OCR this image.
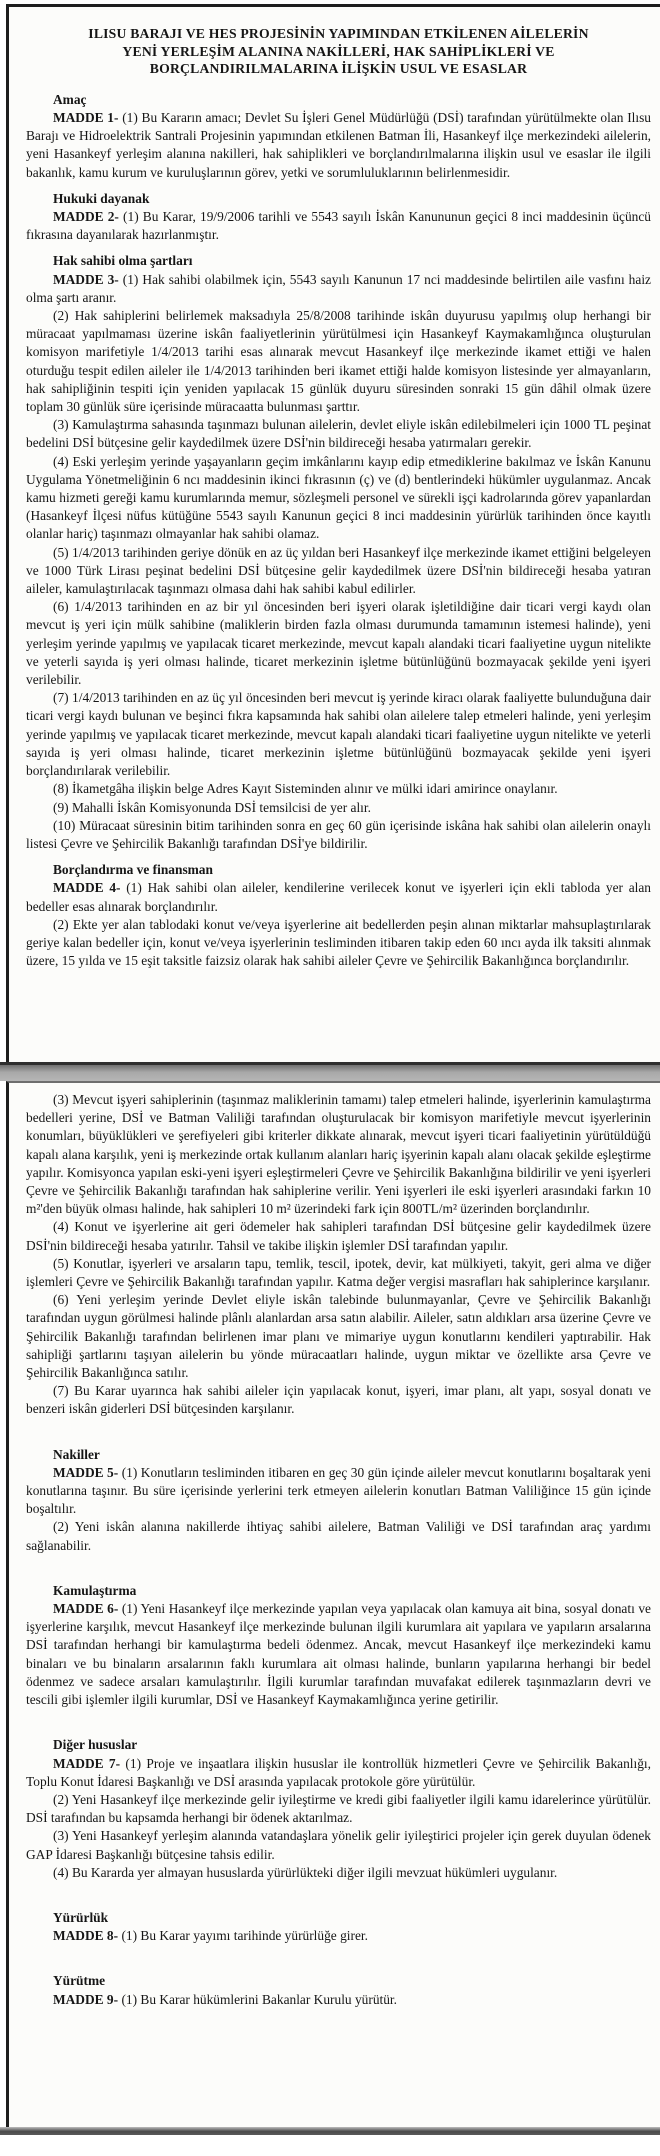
ILISU BARAJI VE HES PROJESİNİN YAPIMINDAN ETKİLENEN AİLELERİN
YENİ YERLEŞİM ALANINA NAKİLLERİ, HAK SAHİPLİKLERİ VE
BORÇLANDIRILMALARINA İLİŞKİN USUL VE ESASLAR
Amaç

MADDE 1- (1) Bu Kararın amacı; Devlet Su İşleri Genel Müdürlüğü (DSİ) tarafından yürütülmekte olan Ilısu Barajı ve Hidroelektrik Santrali Projesinin yapımından etkilenen Batman İli, Hasankeyf ilçe merkezindeki ailelerin, yeni Hasankeyf yerleşim alanına nakilleri, hak sahiplikleri ve borçlandırılmalarına ilişkin usul ve esaslar ile ilgili bakanlık, kamu kurum ve kuruluşlarının görev, yetki ve sorumluluklarının belirlenmesidir.

Hukuki dayanak

MADDE 2- (1) Bu Karar, 19/9/2006 tarihli ve 5543 sayılı İskân Kanununun geçici 8 inci maddesinin üçüncü fıkrasına dayanılarak hazırlanmıştır.

Hak sahibi olma şartları

MADDE 3- (1) Hak sahibi olabilmek için, 5543 sayılı Kanunun 17 nci maddesinde belirtilen aile vasfını haiz olma şartı aranır.

(2) Hak sahiplerini belirlemek maksadıyla 25/8/2008 tarihinde iskân duyurusu yapılmış olup herhangi bir müracaat yapılmaması üzerine iskân faaliyetlerinin yürütülmesi için Hasankeyf Kaymakamlığınca oluşturulan komisyon marifetiyle 1/4/2013 tarihi esas alınarak mevcut Hasankeyf ilçe merkezinde ikamet ettiği ve halen oturduğu tespit edilen aileler ile 1/4/2013 tarihinden beri ikamet ettiği halde komisyon listesinde yer almayanların, hak sahipliğinin tespiti için yeniden yapılacak 15 günlük duyuru süresinden sonraki 15 gün dâhil olmak üzere toplam 30 günlük süre içerisinde müracaatta bulunması şarttır.

(3) Kamulaştırma sahasında taşınmazı bulunan ailelerin, devlet eliyle iskân edilebilmeleri için 1000 TL peşinat bedelini DSİ bütçesine gelir kaydedilmek üzere DSİ'nin bildireceği hesaba yatırmaları gerekir.

(4) Eski yerleşim yerinde yaşayanların geçim imkânlarını kayıp edip etmediklerine bakılmaz ve İskân Kanunu Uygulama Yönetmeliğinin 6 ncı maddesinin ikinci fıkrasının (ç) ve (d) bentlerindeki hükümler uygulanmaz. Ancak kamu hizmeti gereği kamu kurumlarında memur, sözleşmeli personel ve sürekli işçi kadrolarında görev yapanlardan (Hasankeyf İlçesi nüfus kütüğüne 5543 sayılı Kanunun geçici 8 inci maddesinin yürürlük tarihinden önce kayıtlı olanlar hariç) taşınmazı olmayanlar hak sahibi olamaz.

(5) 1/4/2013 tarihinden geriye dönük en az üç yıldan beri Hasankeyf ilçe merkezinde ikamet ettiğini belgeleyen ve 1000 Türk Lirası peşinat bedelini DSİ bütçesine gelir kaydedilmek üzere DSİ'nin bildireceği hesaba yatıran aileler, kamulaştırılacak taşınmazı olmasa dahi hak sahibi kabul edilirler.

(6) 1/4/2013 tarihinden en az bir yıl öncesinden beri işyeri olarak işletildiğine dair ticari vergi kaydı olan mevcut iş yeri için mülk sahibine (maliklerin birden fazla olması durumunda tamamının istemesi halinde), yeni yerleşim yerinde yapılmış ve yapılacak ticaret merkezinde, mevcut kapalı alandaki ticari faaliyetine uygun nitelikte ve yeterli sayıda iş yeri olması halinde, ticaret merkezinin işletme bütünlüğünü bozmayacak şekilde yeni işyeri verilebilir.

(7) 1/4/2013 tarihinden en az üç yıl öncesinden beri mevcut iş yerinde kiracı olarak faaliyette bulunduğuna dair ticari vergi kaydı bulunan ve beşinci fıkra kapsamında hak sahibi olan ailelere talep etmeleri halinde, yeni yerleşim yerinde yapılmış ve yapılacak ticaret merkezinde, mevcut kapalı alandaki ticari faaliyetine uygun nitelikte ve yeterli sayıda iş yeri olması halinde, ticaret merkezinin işletme bütünlüğünü bozmayacak şekilde yeni işyeri borçlandırılarak verilebilir.

(8) İkametgâha ilişkin belge Adres Kayıt Sisteminden alınır ve mülki idari amirince onaylanır.

(9) Mahalli İskân Komisyonunda DSİ temsilcisi de yer alır.

(10) Müracaat süresinin bitim tarihinden sonra en geç 60 gün içerisinde iskâna hak sahibi olan ailelerin onaylı listesi Çevre ve Şehircilik Bakanlığı tarafından DSİ'ye bildirilir.

Borçlandırma ve finansman

MADDE 4- (1) Hak sahibi olan aileler, kendilerine verilecek konut ve işyerleri için ekli tabloda yer alan bedeller esas alınarak borçlandırılır.

(2) Ekte yer alan tablodaki konut ve/veya işyerlerine ait bedellerden peşin alınan miktarlar mahsuplaştırılarak geriye kalan bedeller için, konut ve/veya işyerlerinin tesliminden itibaren takip eden 60 ıncı ayda ilk taksiti alınmak üzere, 15 yılda ve 15 eşit taksitle faizsiz olarak hak sahibi aileler Çevre ve Şehircilik Bakanlığınca borçlandırılır.

(3) Mevcut işyeri sahiplerinin (taşınmaz maliklerinin tamamı) talep etmeleri halinde, işyerlerinin kamulaştırma bedelleri yerine, DSİ ve Batman Valiliği tarafından oluşturulacak bir komisyon marifetiyle mevcut işyerlerinin konumları, büyüklükleri ve şerefiyeleri gibi kriterler dikkate alınarak, mevcut işyeri ticari faaliyetinin yürütüldüğü kapalı alana karşılık, yeni iş merkezinde ortak kullanım alanları hariç işyerinin kapalı alanı olacak şekilde eşleştirme yapılır. Komisyonca yapılan eski-yeni işyeri eşleştirmeleri Çevre ve Şehircilik Bakanlığına bildirilir ve yeni işyerleri Çevre ve Şehircilik Bakanlığı tarafından hak sahiplerine verilir. Yeni işyerleri ile eski işyerleri arasındaki farkın 10 m²'den büyük olması halinde, hak sahipleri 10 m² üzerindeki fark için 800TL/m² üzerinden borçlandırılır.

(4) Konut ve işyerlerine ait geri ödemeler hak sahipleri tarafından DSİ bütçesine gelir kaydedilmek üzere DSİ'nin bildireceği hesaba yatırılır. Tahsil ve takibe ilişkin işlemler DSİ tarafından yapılır.

(5) Konutlar, işyerleri ve arsaların tapu, temlik, tescil, ipotek, devir, kat mülkiyeti, takyit, geri alma ve diğer işlemleri Çevre ve Şehircilik Bakanlığı tarafından yapılır. Katma değer vergisi masrafları hak sahiplerince karşılanır.

(6) Yeni yerleşim yerinde Devlet eliyle iskân talebinde bulunmayanlar, Çevre ve Şehircilik Bakanlığı tarafından uygun görülmesi halinde plânlı alanlardan arsa satın alabilir. Aileler, satın aldıkları arsa üzerine Çevre ve Şehircilik Bakanlığı tarafından belirlenen imar planı ve mimariye uygun konutlarını kendileri yaptırabilir. Hak sahipliği şartlarını taşıyan ailelerin bu yönde müracaatları halinde, uygun miktar ve özellikte arsa Çevre ve Şehircilik Bakanlığınca satılır.

(7) Bu Karar uyarınca hak sahibi aileler için yapılacak konut, işyeri, imar planı, alt yapı, sosyal donatı ve benzeri iskân giderleri DSİ bütçesinden karşılanır.

Nakiller

MADDE 5- (1) Konutların tesliminden itibaren en geç 30 gün içinde aileler mevcut konutlarını boşaltarak yeni konutlarına taşınır. Bu süre içerisinde yerlerini terk etmeyen ailelerin konutları Batman Valiliğince 15 gün içinde boşaltılır.

(2) Yeni iskân alanına nakillerde ihtiyaç sahibi ailelere, Batman Valiliği ve DSİ tarafından araç yardımı sağlanabilir.

Kamulaştırma

MADDE 6- (1) Yeni Hasankeyf ilçe merkezinde yapılan veya yapılacak olan kamuya ait bina, sosyal donatı ve işyerlerine karşılık, mevcut Hasankeyf ilçe merkezinde bulunan ilgili kurumlara ait yapılara ve yapıların arsalarına DSİ tarafından herhangi bir kamulaştırma bedeli ödenmez. Ancak, mevcut Hasankeyf ilçe merkezindeki kamu binaları ve bu binaların arsalarının faklı kurumlara ait olması halinde, bunların yapılarına herhangi bir bedel ödenmez ve sadece arsaları kamulaştırılır. İlgili kurumlar tarafından muvafakat edilerek taşınmazların devri ve tescili gibi işlemler ilgili kurumlar, DSİ ve Hasankeyf Kaymakamlığınca yerine getirilir.

Diğer hususlar

MADDE 7- (1) Proje ve inşaatlara ilişkin hususlar ile kontrollük hizmetleri Çevre ve Şehircilik Bakanlığı, Toplu Konut İdaresi Başkanlığı ve DSİ arasında yapılacak protokole göre yürütülür.

(2) Yeni Hasankeyf ilçe merkezinde gelir iyileştirme ve kredi gibi faaliyetler ilgili kamu idarelerince yürütülür. DSİ tarafından bu kapsamda herhangi bir ödenek aktarılmaz.

(3) Yeni Hasankeyf yerleşim alanında vatandaşlara yönelik gelir iyileştirici projeler için gerek duyulan ödenek GAP İdaresi Başkanlığı bütçesine tahsis edilir.

(4) Bu Kararda yer almayan hususlarda yürürlükteki diğer ilgili mevzuat hükümleri uygulanır.

Yürürlük

MADDE 8- (1) Bu Karar yayımı tarihinde yürürlüğe girer.

Yürütme

MADDE 9- (1) Bu Karar hükümlerini Bakanlar Kurulu yürütür.
